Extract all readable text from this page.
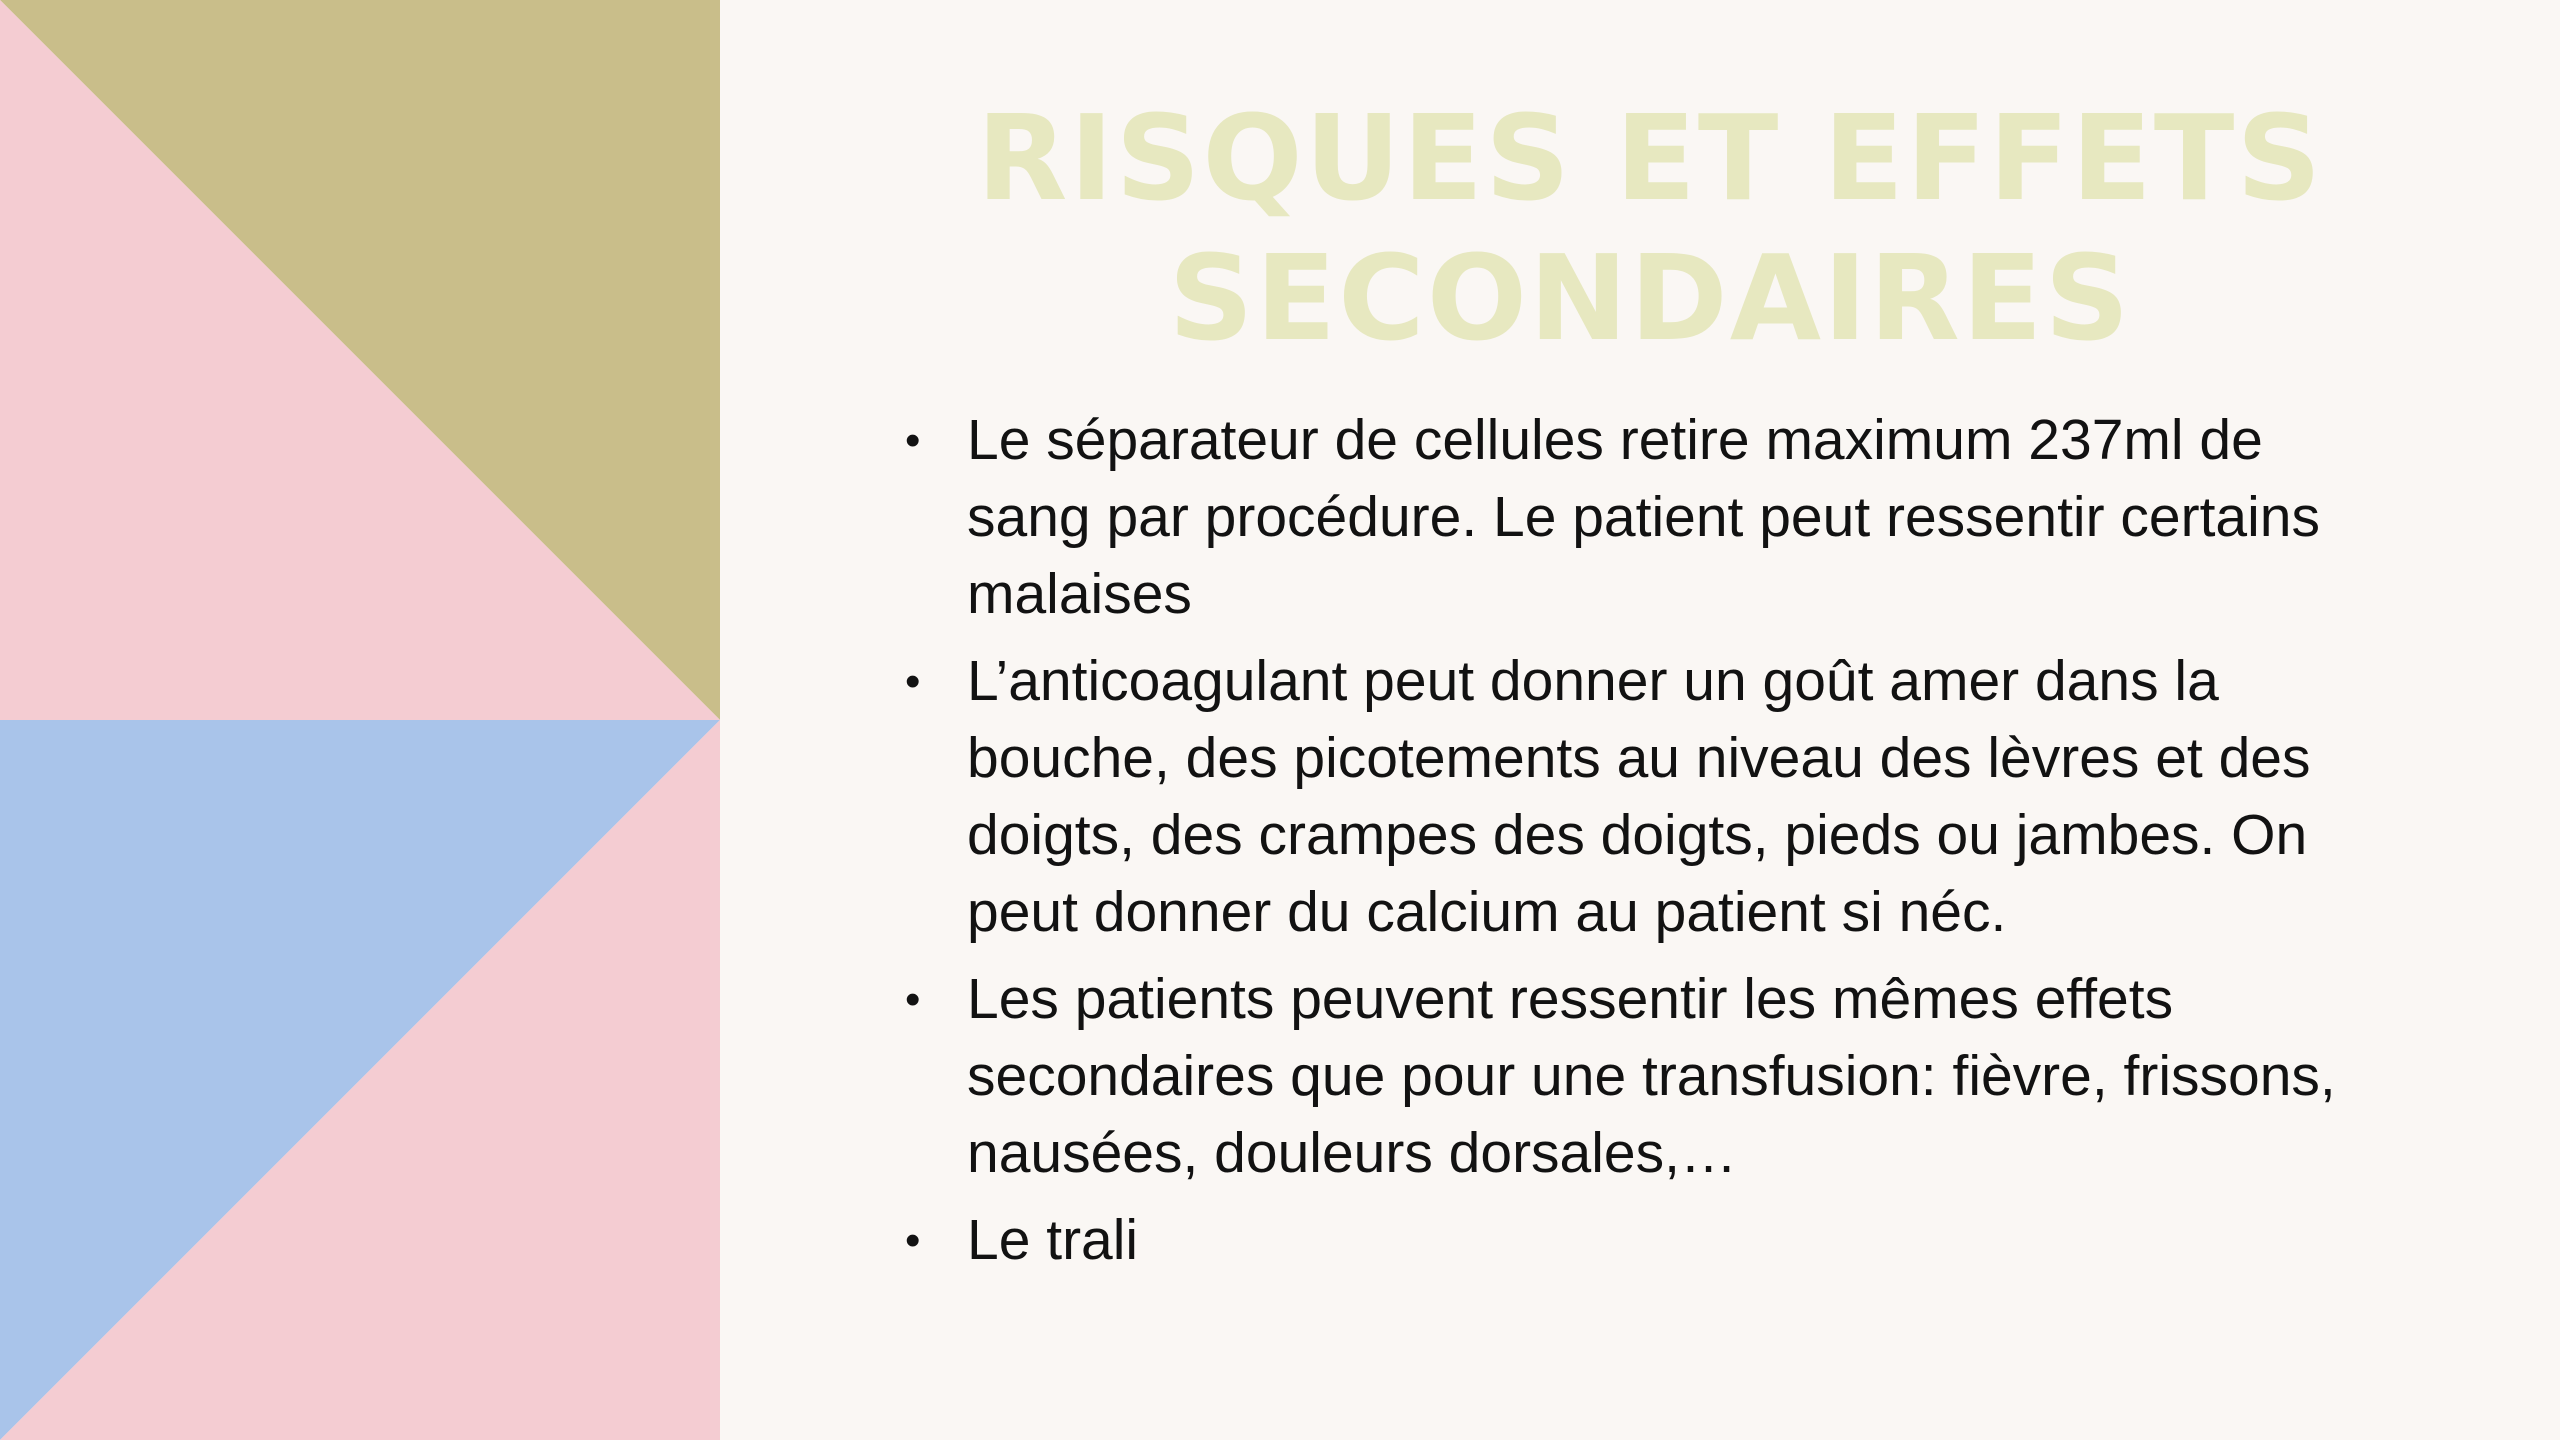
RISQUES ET EFFETS
SECONDAIRES
• Le séparateur de cellules retire maximum 237ml de sang par procédure. Le patient peut ressentir certains malaises
• L’anticoagulant peut donner un goût amer dans la bouche, des picotements au niveau des lèvres et des doigts, des crampes des doigts, pieds ou jambes. On peut donner du calcium au patient si néc.
• Les patients peuvent ressentir les mêmes effets secondaires que pour une transfusion: fièvre, frissons, nausées, douleurs dorsales,…
• Le trali
